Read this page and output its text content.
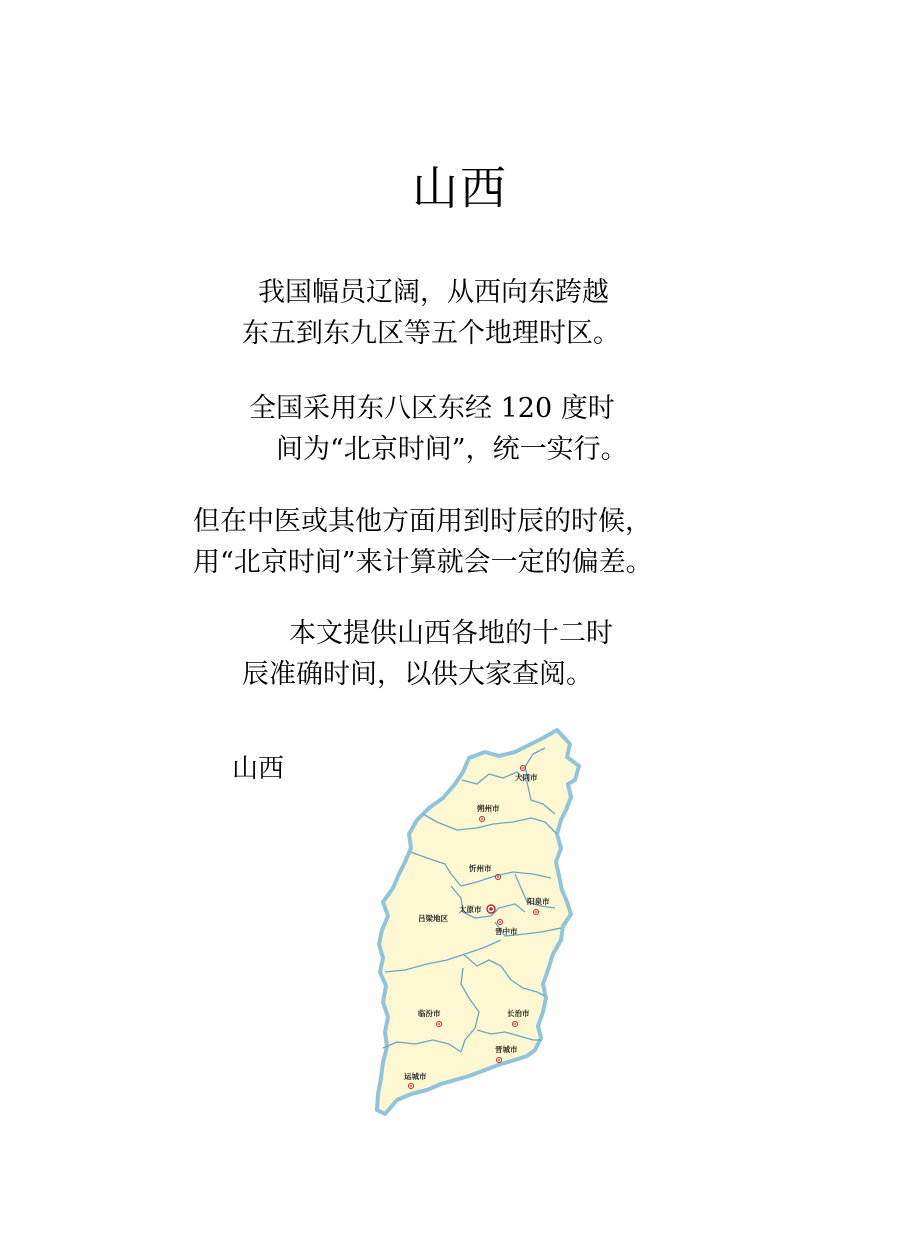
山西
我国幅员辽阔，从西向东跨越
东五到东九区等五个地理时区。
全国采用东八区东经 120 度时
间为“北京时间”，统一实行。
但在中医或其他方面用到时辰的时候，
用“北京时间”来计算就会一定的偏差。
本文提供山西各地的十二时
辰准确时间，以供大家查阅。
山西	大同市
朔州市
忻州市
阳泉市
太原市
吕梁地区
晋中市
临汾市	长治市
晋城市
运城市
